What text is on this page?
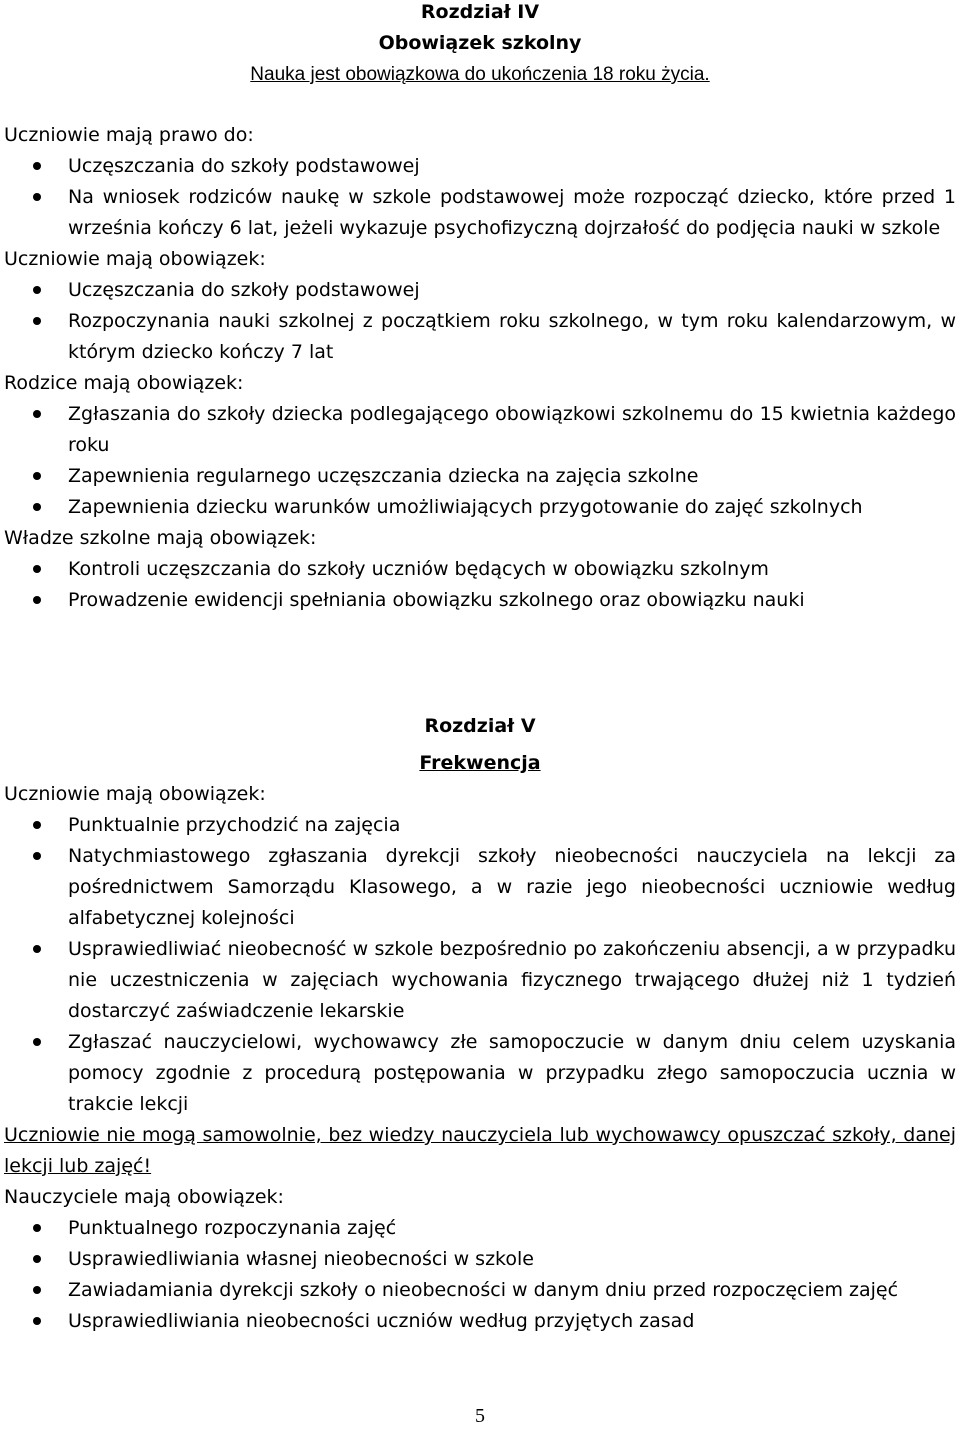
Rozdział IV
Obowiązek szkolny
Nauka jest obowiązkowa do ukończenia 18 roku życia.
Uczniowie mają prawo do:
Uczęszczania do szkoły podstawowej
Na wniosek rodziców naukę w szkole podstawowej może rozpocząć dziecko, które przed 1 września kończy 6 lat, jeżeli wykazuje psychofizyczną dojrzałość do podjęcia nauki w szkole
Uczniowie mają obowiązek:
Uczęszczania do szkoły podstawowej
Rozpoczynania nauki szkolnej z początkiem roku szkolnego, w tym roku kalendarzowym, w którym dziecko kończy 7 lat
Rodzice mają obowiązek:
Zgłaszania do szkoły dziecka podlegającego obowiązkowi szkolnemu do 15 kwietnia każdego roku
Zapewnienia regularnego uczęszczania dziecka na zajęcia szkolne
Zapewnienia dziecku warunków umożliwiających przygotowanie do zajęć szkolnych
Władze szkolne mają obowiązek:
Kontroli uczęszczania do szkoły uczniów będących w obowiązku szkolnym
Prowadzenie ewidencji spełniania obowiązku szkolnego oraz obowiązku nauki
Rozdział V
Frekwencja
Uczniowie mają obowiązek:
Punktualnie przychodzić na zajęcia
Natychmiastowego zgłaszania dyrekcji szkoły nieobecności nauczyciela na lekcji za pośrednictwem Samorządu Klasowego, a w razie jego nieobecności uczniowie według alfabetycznej kolejności
Usprawiedliwiać nieobecność w szkole bezpośrednio po zakończeniu absencji, a w przypadku nie uczestniczenia w zajęciach wychowania fizycznego trwającego dłużej niż 1 tydzień dostarczyć zaświadczenie lekarskie
Zgłaszać nauczycielowi, wychowawcy złe samopoczucie w danym dniu celem uzyskania pomocy zgodnie z procedurą postępowania w przypadku złego samopoczucia ucznia w trakcie lekcji
Uczniowie nie mogą samowolnie, bez wiedzy nauczyciela lub wychowawcy opuszczać szkoły, danej lekcji lub zajęć!
Nauczyciele mają obowiązek:
Punktualnego rozpoczynania zajęć
Usprawiedliwiania własnej nieobecności w szkole
Zawiadamiania dyrekcji szkoły o nieobecności w danym dniu przed rozpoczęciem zajęć
Usprawiedliwiania nieobecności uczniów według przyjętych zasad
5
